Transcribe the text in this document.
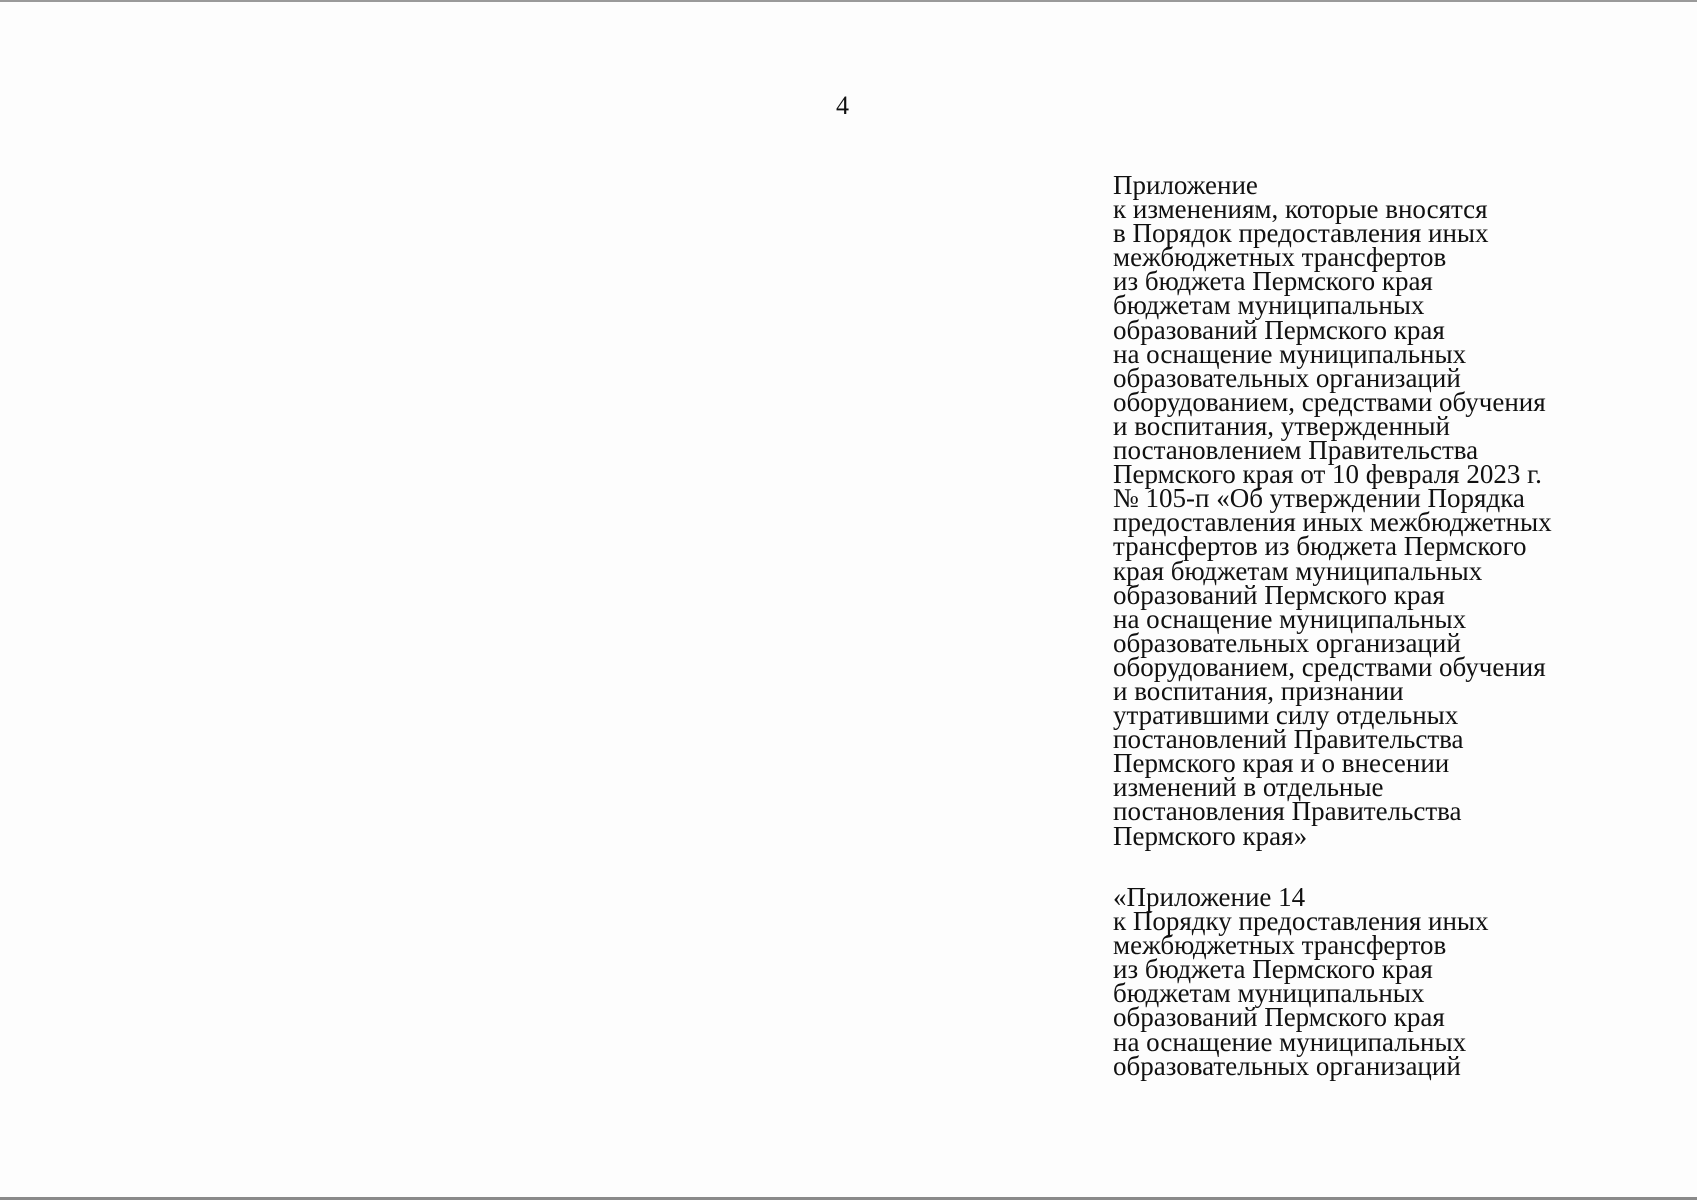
4
Приложение
к изменениям, которые вносятся
в Порядок предоставления иных
межбюджетных трансфертов
из бюджета Пермского края
бюджетам муниципальных
образований Пермского края
на оснащение муниципальных
образовательных организаций
оборудованием, средствами обучения
и воспитания, утвержденный
постановлением Правительства
Пермского края от 10 февраля 2023 г.
№ 105-п «Об утверждении Порядка
предоставления иных межбюджетных
трансфертов из бюджета Пермского
края бюджетам муниципальных
образований Пермского края
на оснащение муниципальных
образовательных организаций
оборудованием, средствами обучения
и воспитания, признании
утратившими силу отдельных
постановлений Правительства
Пермского края и о внесении
изменений в отдельные
постановления Правительства
Пермского края»
«Приложение 14
к Порядку предоставления иных
межбюджетных трансфертов
из бюджета Пермского края
бюджетам муниципальных
образований Пермского края
на оснащение муниципальных
образовательных организаций
